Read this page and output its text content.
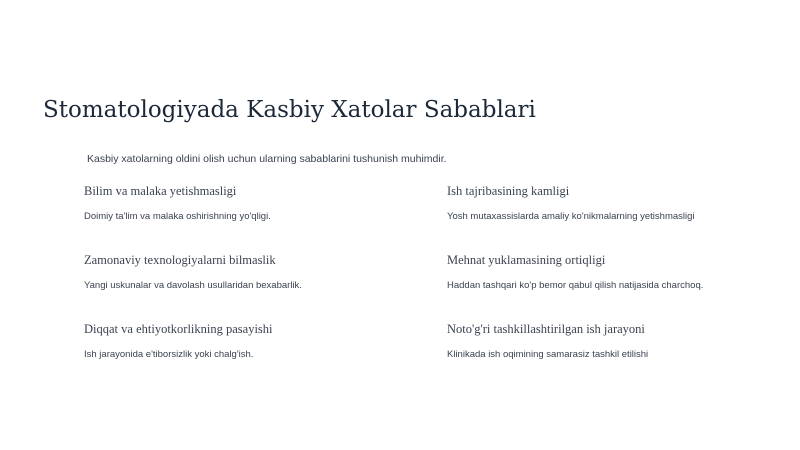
Stomatologiyada Kasbiy Xatolar Sabablari

Kasbiy xatolarning oldini olish uchun ularning sabablarini tushunish muhimdir.

Bilim va malaka yetishmasligi

Doimiy ta'lim va malaka oshirishning yo'qligi.

Ish tajribasining kamligi

Yosh mutaxassislarda amaliy ko'nikmalarning yetishmasligi

Zamonaviy texnologiyalarni bilmaslik

Yangi uskunalar va davolash usullaridan bexabarlik.

Mehnat yuklamasining ortiqligi

Haddan tashqari ko'p bemor qabul qilish natijasida charchoq.

Diqqat va ehtiyotkorlikning pasayishi

Ish jarayonida e'tiborsizlik yoki chalg'ish.

Noto'g'ri tashkillashtirilgan ish jarayoni

Klinikada ish oqimining samarasiz tashkil etilishi
